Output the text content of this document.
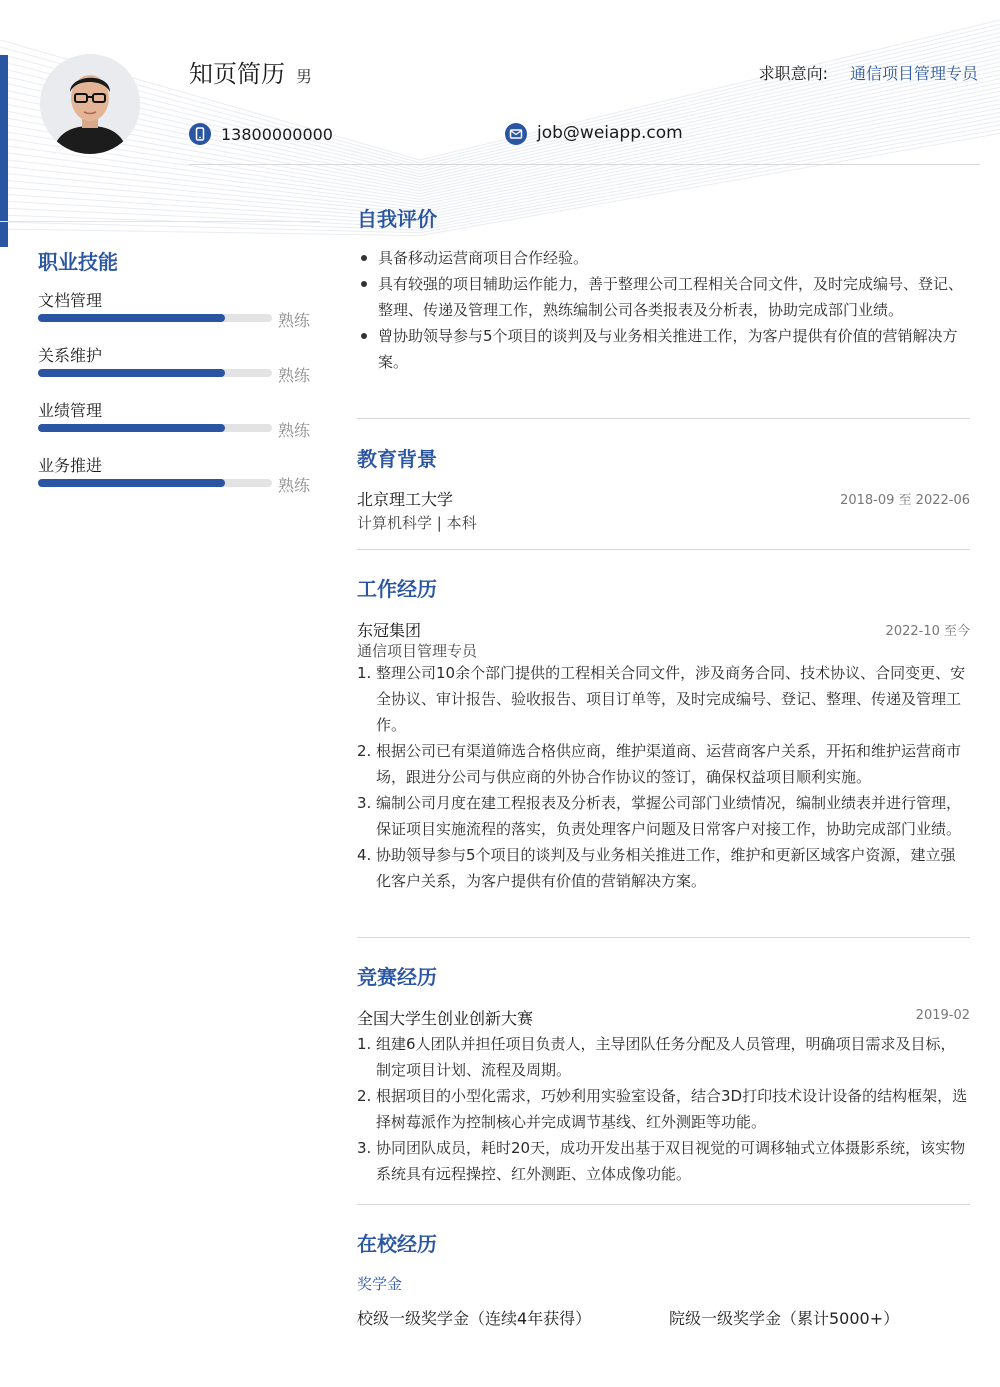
知页简历 男	求职意向: 通信项目管理专员
13800000000	job@weiapp.com
职业技能
文档管理
熟练
关系维护
熟练
业绩管理
熟练
业务推进
熟练
自我评价
具备移动运营商项目合作经验。
具有较强的项目辅助运作能力，善于整理公司工程相关合同文件，及时完成编号、登记、整理、传递及管理工作，熟练编制公司各类报表及分析表，协助完成部门业绩。
曾协助领导参与5个项目的谈判及与业务相关推进工作，为客户提供有价值的营销解决方案。
教育背景
北京理工大学	2018-09 至 2022-06
计算机科学 | 本科
工作经历
东冠集团	2022-10 至今
通信项目管理专员
1. 整理公司10余个部门提供的工程相关合同文件，涉及商务合同、技术协议、合同变更、安全协议、审计报告、验收报告、项目订单等，及时完成编号、登记、整理、传递及管理工作。
2. 根据公司已有渠道筛选合格供应商，维护渠道商、运营商客户关系，开拓和维护运营商市场，跟进分公司与供应商的外协合作协议的签订，确保权益项目顺利实施。
3. 编制公司月度在建工程报表及分析表，掌握公司部门业绩情况，编制业绩表并进行管理，保证项目实施流程的落实，负责处理客户问题及日常客户对接工作，协助完成部门业绩。
4. 协助领导参与5个项目的谈判及与业务相关推进工作，维护和更新区域客户资源，建立强化客户关系，为客户提供有价值的营销解决方案。
竞赛经历
全国大学生创业创新大赛	2019-02
1. 组建6人团队并担任项目负责人，主导团队任务分配及人员管理，明确项目需求及目标，制定项目计划、流程及周期。
2. 根据项目的小型化需求，巧妙利用实验室设备，结合3D打印技术设计设备的结构框架，选择树莓派作为控制核心并完成调节基线、红外测距等功能。
3. 协同团队成员，耗时20天，成功开发出基于双目视觉的可调移轴式立体摄影系统，该实物系统具有远程操控、红外测距、立体成像功能。
在校经历
奖学金
校级一级奖学金（连续4年获得）	院级一级奖学金（累计5000+）
